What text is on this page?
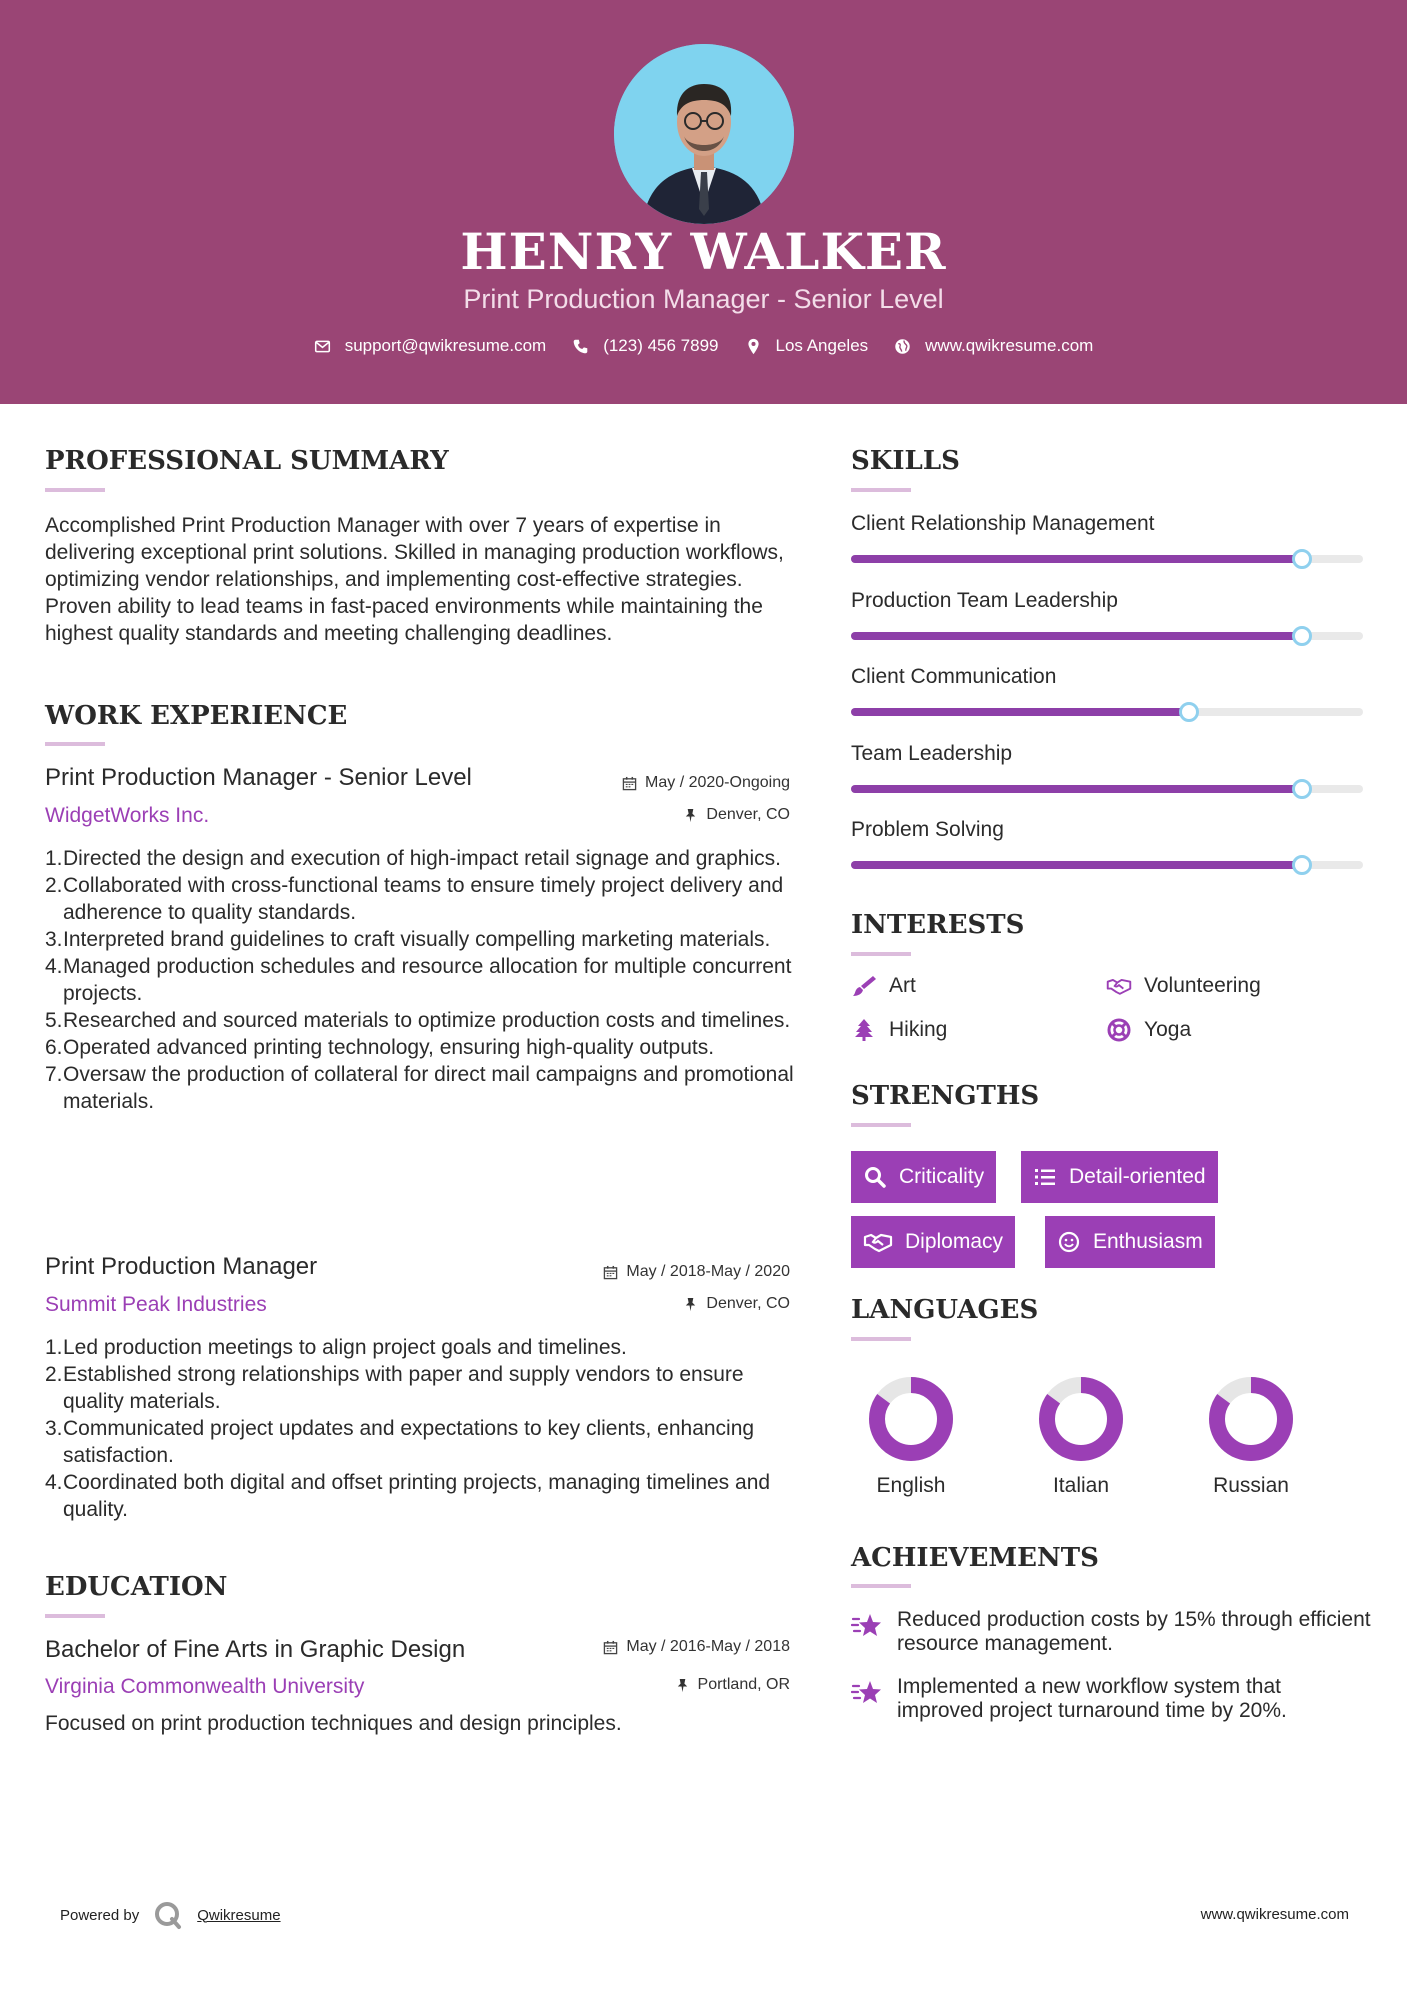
HENRY WALKER
Print Production Manager - Senior Level
support@qwikresume.com	(123) 456 7899	Los Angeles	www.qwikresume.com
PROFESSIONAL SUMMARY
Accomplished Print Production Manager with over 7 years of expertise in delivering exceptional print solutions. Skilled in managing production workflows, optimizing vendor relationships, and implementing cost-effective strategies. Proven ability to lead teams in fast-paced environments while maintaining the highest quality standards and meeting challenging deadlines.
WORK EXPERIENCE
Print Production Manager - Senior Level	May / 2020-Ongoing
WidgetWorks Inc.	Denver, CO
1. Directed the design and execution of high-impact retail signage and graphics.
2. Collaborated with cross-functional teams to ensure timely project delivery and adherence to quality standards.
3. Interpreted brand guidelines to craft visually compelling marketing materials.
4. Managed production schedules and resource allocation for multiple concurrent projects.
5. Researched and sourced materials to optimize production costs and timelines.
6. Operated advanced printing technology, ensuring high-quality outputs.
7. Oversaw the production of collateral for direct mail campaigns and promotional materials.
Print Production Manager	May / 2018-May / 2020
Summit Peak Industries	Denver, CO
1. Led production meetings to align project goals and timelines.
2. Established strong relationships with paper and supply vendors to ensure quality materials.
3. Communicated project updates and expectations to key clients, enhancing satisfaction.
4. Coordinated both digital and offset printing projects, managing timelines and quality.
EDUCATION
Bachelor of Fine Arts in Graphic Design	May / 2016-May / 2018
Virginia Commonwealth University	Portland, OR
Focused on print production techniques and design principles.
SKILLS
Client Relationship Management
Production Team Leadership
Client Communication
Team Leadership
Problem Solving
INTERESTS
Art	Volunteering
Hiking	Yoga
STRENGTHS
Criticality	Detail-oriented
Diplomacy	Enthusiasm
LANGUAGES
English	Italian	Russian
ACHIEVEMENTS
Reduced production costs by 15% through efficient resource management.
Implemented a new workflow system that improved project turnaround time by 20%.
Powered by	Qwikresume	www.qwikresume.com
